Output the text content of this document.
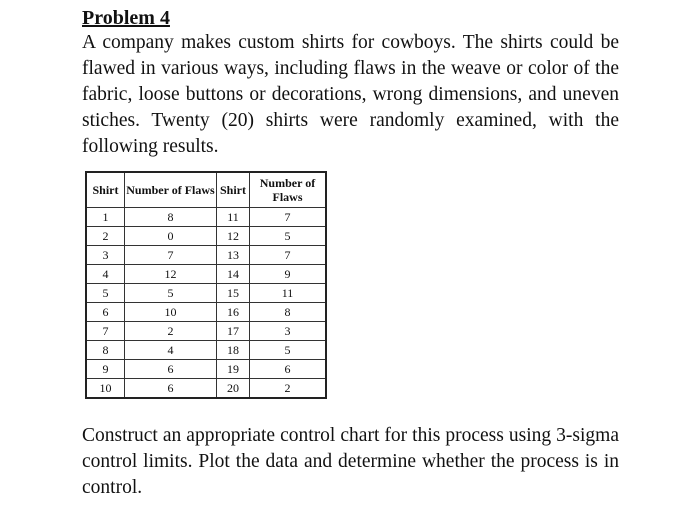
Problem 4
A company makes custom shirts for cowboys. The shirts could be flawed in various ways, including flaws in the weave or color of the fabric, loose buttons or decorations, wrong dimensions, and uneven stiches. Twenty (20) shirts were randomly examined, with the following results.
Shirt	Number of Flaws	Shirt	Number of Flaws
1	8	11	7
2	0	12	5
3	7	13	7
4	12	14	9
5	5	15	11
6	10	16	8
7	2	17	3
8	4	18	5
9	6	19	6
10	6	20	2
Construct an appropriate control chart for this process using 3-sigma control limits. Plot the data and determine whether the process is in control.
